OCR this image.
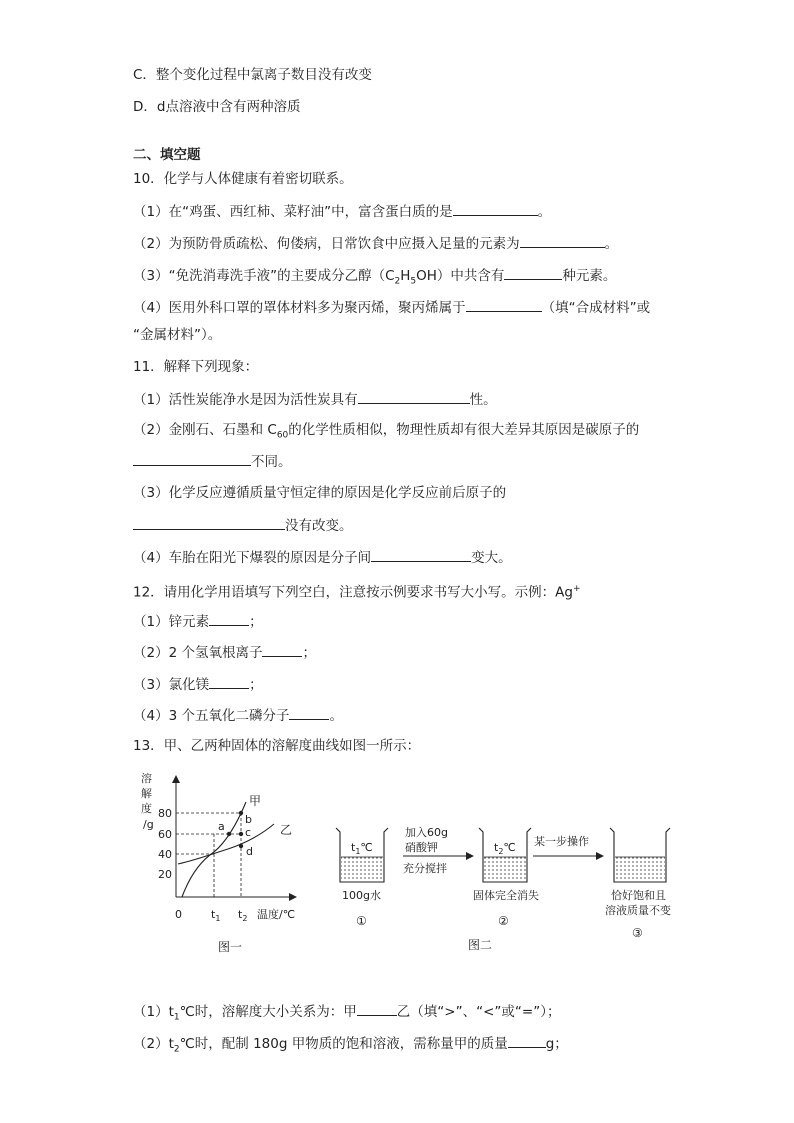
C．整个变化过程中氯离子数目没有改变
D．d点溶液中含有两种溶质
二、填空题
10．化学与人体健康有着密切联系。
（1）在“鸡蛋、西红柿、菜籽油”中，富含蛋白质的是	。
（2）为预防骨质疏松、佝偻病，日常饮食中应摄入足量的元素为	。
（3）“免洗消毒洗手液”的主要成分乙醇$(C_2H_5OH)$中共含有	种元素。
（4）医用外科口罩的罩体材料多为聚丙烯，聚丙烯属于	（填“合成材料”或
“金属材料”）。
11．解释下列现象：
（1）活性炭能净水是因为活性炭具有	性。
（2）金刚石、石墨和 $C_{60}$的化学性质相似，物理性质却有很大差异其原因是碳原子的
不同。
（3）化学反应遵循质量守恒定律的原因是化学反应前后原子的
没有改变。
（4）车胎在阳光下爆裂的原因是分子间	变大。
12．请用化学用语填写下列空白，注意按示例要求书写大小写。示例：Ag+
（1）锌元素	；
（2）2 个氢氧根离子	；
（3）氯化镁	；
（4）3 个五氧化二磷分子	。
13．甲、乙两种固体的溶解度曲线如图一所示：
溶
解
度
/g
80
60
40
20
0
甲
乙
a
b
c
d
$t_1$ $t_2$ 温度/℃
图一
$t_1℃$
100g水
①
加入60g
硝酸钾
充分搅拌
$t_2℃$
固体完全消失
②
某一步操作
恰好饱和且
溶液质量不变
③
图二
$(1)t_1℃$时，溶解度大小关系为：甲	乙（填“>”、“<”或“=”）；
$(2)t_2℃$时，配制 180g 甲物质的饱和溶液，需称量甲的质量	g；
